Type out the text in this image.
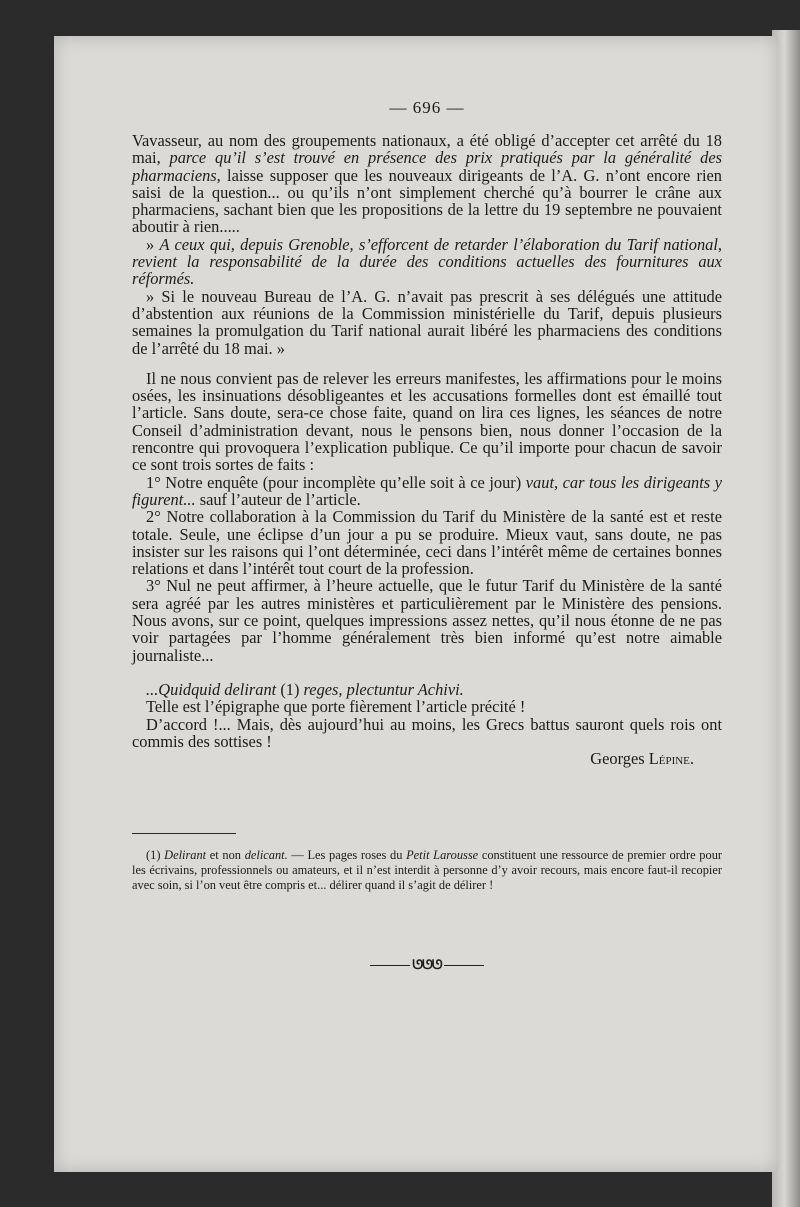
— 696 —

Vavasseur, au nom des groupements nationaux, a été obligé d’accepter cet arrêté du 18 mai, parce qu’il s’est trouvé en présence des prix pratiqués par la généralité des pharmaciens, laisse supposer que les nouveaux dirigeants de l’A. G. n’ont encore rien saisi de la question... ou qu’ils n’ont simplement cherché qu’à bourrer le crâne aux pharmaciens, sachant bien que les propositions de la lettre du 19 septembre ne pouvaient aboutir à rien.....

» A ceux qui, depuis Grenoble, s’efforcent de retarder l’élaboration du Tarif national, revient la responsabilité de la durée des conditions actuelles des fournitures aux réformés.

» Si le nouveau Bureau de l’A. G. n’avait pas prescrit à ses délégués une attitude d’abstention aux réunions de la Commission ministérielle du Tarif, depuis plusieurs semaines la promulgation du Tarif national aurait libéré les pharmaciens des conditions de l’arrêté du 18 mai. »

Il ne nous convient pas de relever les erreurs manifestes, les affirmations pour le moins osées, les insinuations désobligeantes et les accusations formelles dont est émaillé tout l’article. Sans doute, sera-ce chose faite, quand on lira ces lignes, les séances de notre Conseil d’administration devant, nous le pensons bien, nous donner l’occasion de la rencontre qui provoquera l’explication publique. Ce qu’il importe pour chacun de savoir ce sont trois sortes de faits :

1° Notre enquête (pour incomplète qu’elle soit à ce jour) vaut, car tous les dirigeants y figurent... sauf l’auteur de l’article.

2° Notre collaboration à la Commission du Tarif du Ministère de la santé est et reste totale. Seule, une éclipse d’un jour a pu se produire. Mieux vaut, sans doute, ne pas insister sur les raisons qui l’ont déterminée, ceci dans l’intérêt même de certaines bonnes relations et dans l’intérêt tout court de la profession.

3° Nul ne peut affirmer, à l’heure actuelle, que le futur Tarif du Ministère de la santé sera agréé par les autres ministères et particulièrement par le Ministère des pensions. Nous avons, sur ce point, quelques impressions assez nettes, qu’il nous étonne de ne pas voir partagées par l’homme généralement très bien informé qu’est notre aimable journaliste...

...Quidquid delirant (1) reges, plectuntur Achivi.

Telle est l’épigraphe que porte fièrement l’article précité !

D’accord !... Mais, dès aujourd’hui au moins, les Grecs battus sauront quels rois ont commis des sottises !

Georges Lépine.

(1) Delirant et non delicant. — Les pages roses du Petit Larousse constituent une ressource de premier ordre pour les écrivains, professionnels ou amateurs, et il n’est interdit à personne d’y avoir recours, mais encore faut-il recopier avec soin, si l’on veut être compris et... délirer quand il s’agit de délirer !

ᘎᘎᘎ
